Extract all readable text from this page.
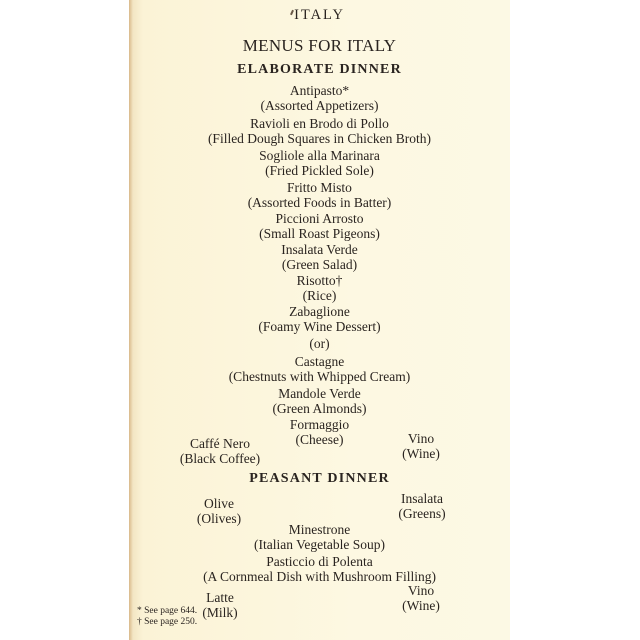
ITALY
MENUS FOR ITALY
ELABORATE DINNER
Antipasto*
(Assorted Appetizers)
Ravioli en Brodo di Pollo
(Filled Dough Squares in Chicken Broth)
Sogliole alla Marinara
(Fried Pickled Sole)
Fritto Misto
(Assorted Foods in Batter)
Piccioni Arrosto
(Small Roast Pigeons)
Insalata Verde
(Green Salad)
Risotto†
(Rice)
Zabaglione
(Foamy Wine Dessert)
(or)
Castagne
(Chestnuts with Whipped Cream)
Mandole Verde
(Green Almonds)
Formaggio
(Cheese)
Caffé Nero
(Black Coffee)
Vino
(Wine)
PEASANT DINNER
Olive
(Olives)
Insalata
(Greens)
Minestrone
(Italian Vegetable Soup)
Pasticcio di Polenta
(A Cornmeal Dish with Mushroom Filling)
Latte
(Milk)
Vino
(Wine)
* See page 644.
† See page 250.
